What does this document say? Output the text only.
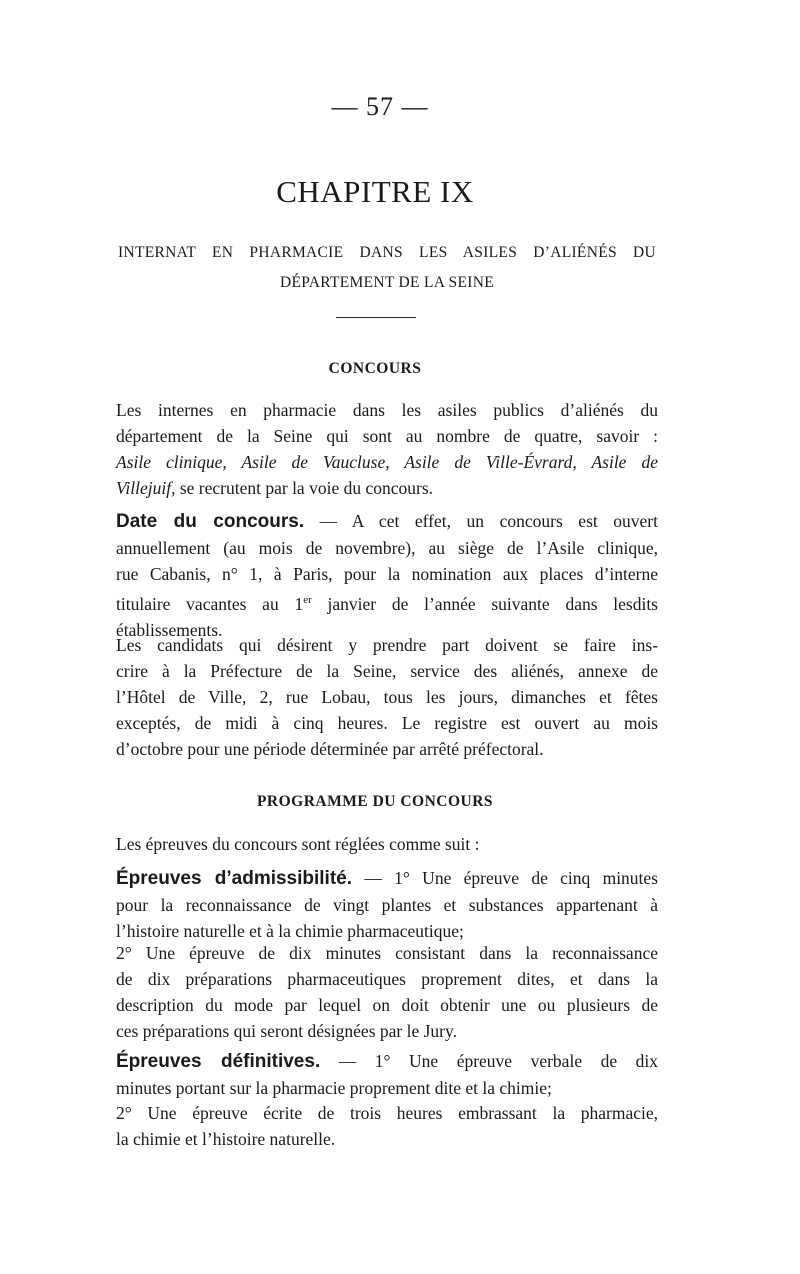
— 57 —
CHAPITRE IX
INTERNAT EN PHARMACIE DANS LES ASILES D’ALIÉNÉS DU
DÉPARTEMENT DE LA SEINE
CONCOURS
Les internes en pharmacie dans les asiles publics d’aliénés du
département de la Seine qui sont au nombre de quatre, savoir :
Asile clinique, Asile de Vaucluse, Asile de Ville-Évrard, Asile de
Villejuif, se recrutent par la voie du concours.
Date du concours. — A cet effet, un concours est ouvert
annuellement (au mois de novembre), au siège de l’Asile clinique,
rue Cabanis, n° 1, à Paris, pour la nomination aux places d’interne
titulaire vacantes au 1er janvier de l’année suivante dans lesdits
établissements.
Les candidats qui désirent y prendre part doivent se faire ins-
crire à la Préfecture de la Seine, service des aliénés, annexe de
l’Hôtel de Ville, 2, rue Lobau, tous les jours, dimanches et fêtes
exceptés, de midi à cinq heures. Le registre est ouvert au mois
d’octobre pour une période déterminée par arrêté préfectoral.
PROGRAMME DU CONCOURS
Les épreuves du concours sont réglées comme suit :
Épreuves d’admissibilité. — 1° Une épreuve de cinq minutes
pour la reconnaissance de vingt plantes et substances appartenant à
l’histoire naturelle et à la chimie pharmaceutique;
2° Une épreuve de dix minutes consistant dans la reconnaissance
de dix préparations pharmaceutiques proprement dites, et dans la
description du mode par lequel on doit obtenir une ou plusieurs de
ces préparations qui seront désignées par le Jury.
Épreuves définitives. — 1° Une épreuve verbale de dix
minutes portant sur la pharmacie proprement dite et la chimie;
2° Une épreuve écrite de trois heures embrassant la pharmacie,
la chimie et l’histoire naturelle.
